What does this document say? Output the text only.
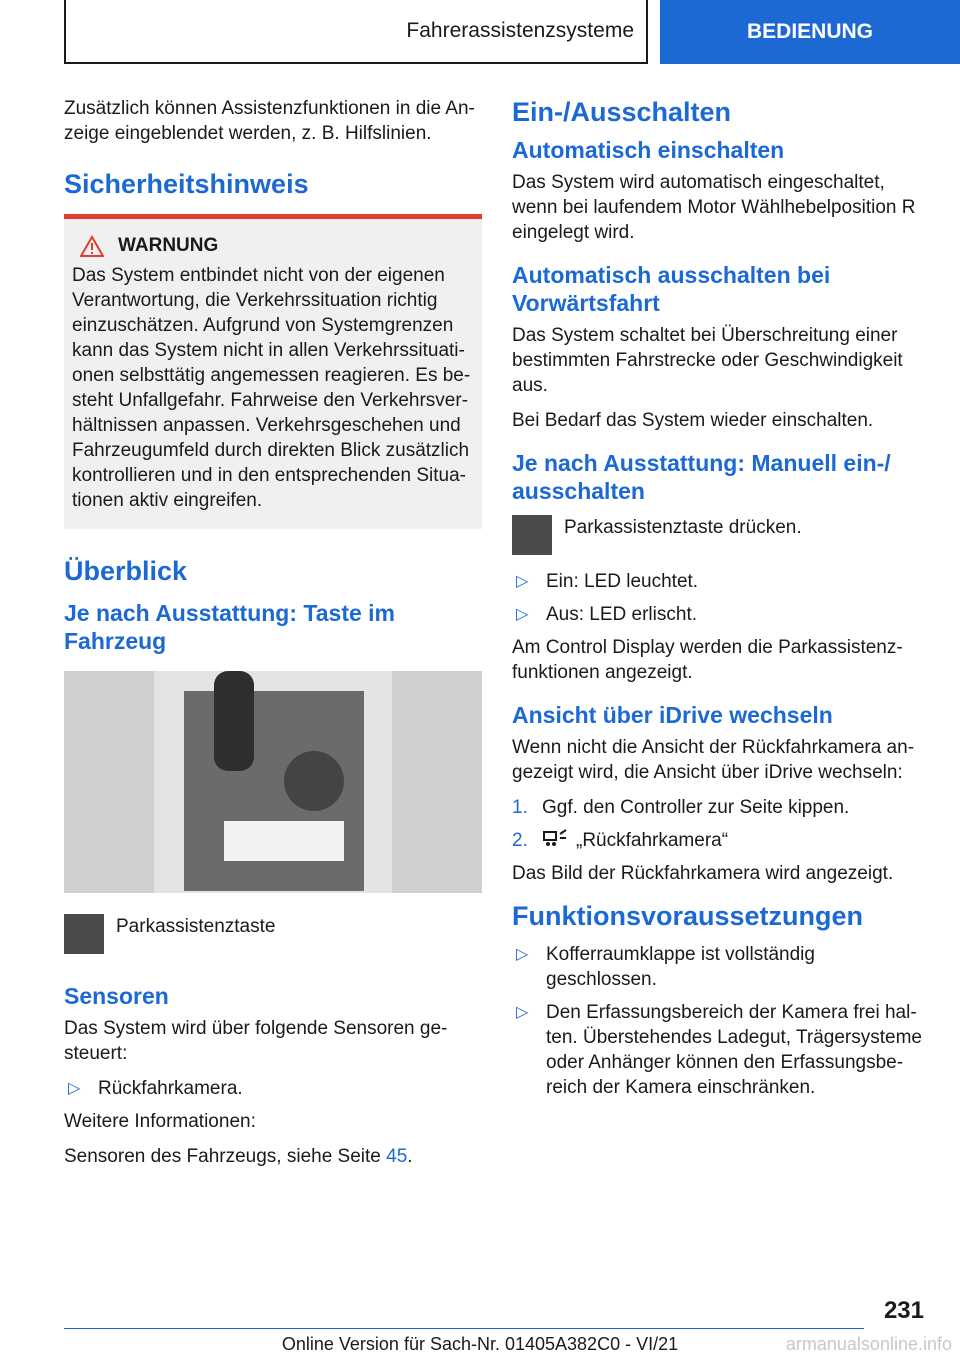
Fahrerassistenzsysteme	BEDIENUNG

Zusätzlich können Assistenzfunktionen in die Anzeige eingeblendet werden, z. B. Hilfslinien.

Sicherheitshinweis
WARNUNG

Das System entbindet nicht von der eigenen Verantwortung, die Verkehrssituation richtig einzuschätzen. Aufgrund von Systemgrenzen kann das System nicht in allen Verkehrssituationen selbsttätig angemessen reagieren. Es besteht Unfallgefahr. Fahrweise den Verkehrsverhältnissen anpassen. Verkehrsgeschehen und Fahrzeugumfeld durch direkten Blick zusätzlich kontrollieren und in den entsprechenden Situationen aktiv eingreifen.

Überblick
Je nach Ausstattung: Taste im Fahrzeug
Parkassistenztaste
Sensoren

Das System wird über folgende Sensoren gesteuert:

▷ Rückfahrkamera.

Weitere Informationen:

Sensoren des Fahrzeugs, siehe Seite 45.

Ein-/Ausschalten
Automatisch einschalten

Das System wird automatisch eingeschaltet, wenn bei laufendem Motor Wählhebelposition R eingelegt wird.

Automatisch ausschalten bei Vorwärtsfahrt

Das System schaltet bei Überschreitung einer bestimmten Fahrstrecke oder Geschwindigkeit aus.

Bei Bedarf das System wieder einschalten.

Je nach Ausstattung: Manuell ein-/ ausschalten
Parkassistenztaste drücken.
▷ Ein: LED leuchtet.
▷ Aus: LED erlischt.

Am Control Display werden die Parkassistenzfunktionen angezeigt.

Ansicht über iDrive wechseln

Wenn nicht die Ansicht der Rückfahrkamera angezeigt wird, die Ansicht über iDrive wechseln:

1. Ggf. den Controller zur Seite kippen.
2.	„Rückfahrkamera“

Das Bild der Rückfahrkamera wird angezeigt.

Funktionsvoraussetzungen
▷ Kofferraumklappe ist vollständig geschlossen.
▷ Den Erfassungsbereich der Kamera frei halten. Überstehendes Ladegut, Trägersysteme oder Anhänger können den Erfassungsbereich der Kamera einschränken.
231
Online Version für Sach-Nr. 01405A382C0 - VI/21	armanualsonline.info
